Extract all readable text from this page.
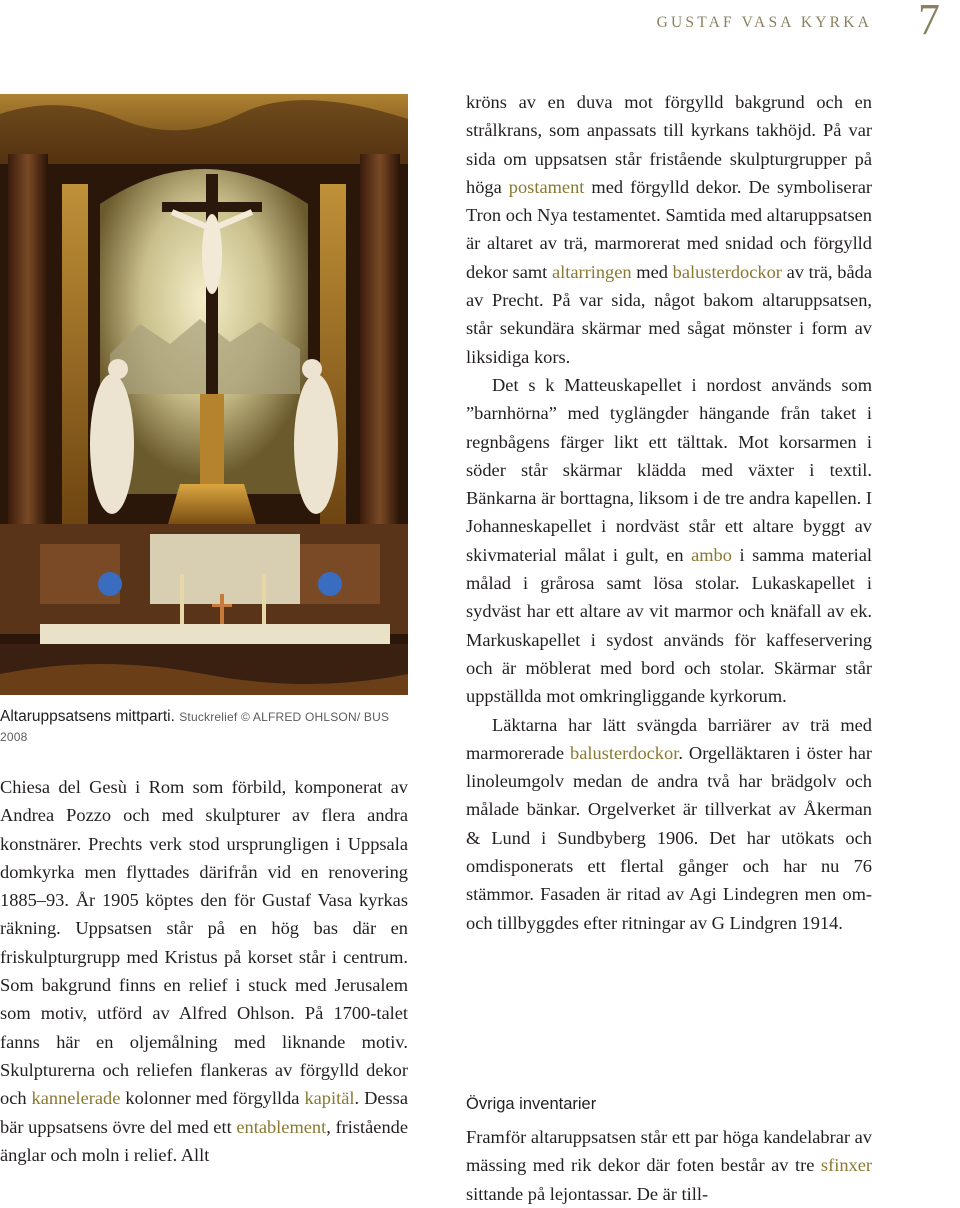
GUSTAF VASA KYRKA 7
Altaruppsatsens mittparti. Stuckrelief © ALFRED OHLSON/ BUS 2008

Chiesa del Gesù i Rom som förbild, komponerat av Andrea Pozzo och med skulpturer av flera andra konstnärer. Prechts verk stod ursprungligen i Uppsala domkyrka men flyttades därifrån vid en renovering 1885–93. År 1905 köptes den för Gustaf Vasa kyrkas räkning. Uppsatsen står på en hög bas där en friskulpturgrupp med Kristus på korset står i centrum. Som bakgrund finns en relief i stuck med Jerusalem som motiv, utförd av Alfred Ohlson. På 1700-talet fanns här en oljemålning med liknande motiv. Skulpturerna och reliefen flankeras av förgylld dekor och kannelerade kolonner med förgyllda kapitäl. Dessa bär uppsatsens övre del med ett entablement, fristående änglar och moln i relief. Allt

kröns av en duva mot förgylld bakgrund och en strålkrans, som anpassats till kyrkans takhöjd. På var sida om uppsatsen står fristående skulpturgrupper på höga postament med förgylld dekor. De symboliserar Tron och Nya testamentet. Samtida med altaruppsatsen är altaret av trä, marmorerat med snidad och förgylld dekor samt altarringen med balusterdockor av trä, båda av Precht. På var sida, något bakom altaruppsatsen, står sekundära skärmar med sågat mönster i form av liksidiga kors.

Det s k Matteuskapellet i nordost används som ”barnhörna” med tyglängder hängande från taket i regnbågens färger likt ett tälttak. Mot korsarmen i söder står skärmar klädda med växter i textil. Bänkarna är borttagna, liksom i de tre andra kapellen. I Johanneskapellet i nordväst står ett altare byggt av skivmaterial målat i gult, en ambo i samma material målad i grårosa samt lösa stolar. Lukaskapellet i sydväst har ett altare av vit marmor och knäfall av ek. Markuskapellet i sydost används för kaffeservering och är möblerat med bord och stolar. Skärmar står uppställda mot omkringliggande kyrkorum.

Läktarna har lätt svängda barriärer av trä med marmorerade balusterdockor. Orgelläktaren i öster har linoleumgolv medan de andra två har brädgolv och målade bänkar. Orgelverket är tillverkat av Åkerman & Lund i Sundbyberg 1906. Det har utökats och omdisponerats ett flertal gånger och har nu 76 stämmor. Fasaden är ritad av Agi Lindegren men om- och tillbyggdes efter ritningar av G Lindgren 1914.

Övriga inventarier

Framför altaruppsatsen står ett par höga kandelabrar av mässing med rik dekor där foten består av tre sfinxer sittande på lejontassar. De är till-
